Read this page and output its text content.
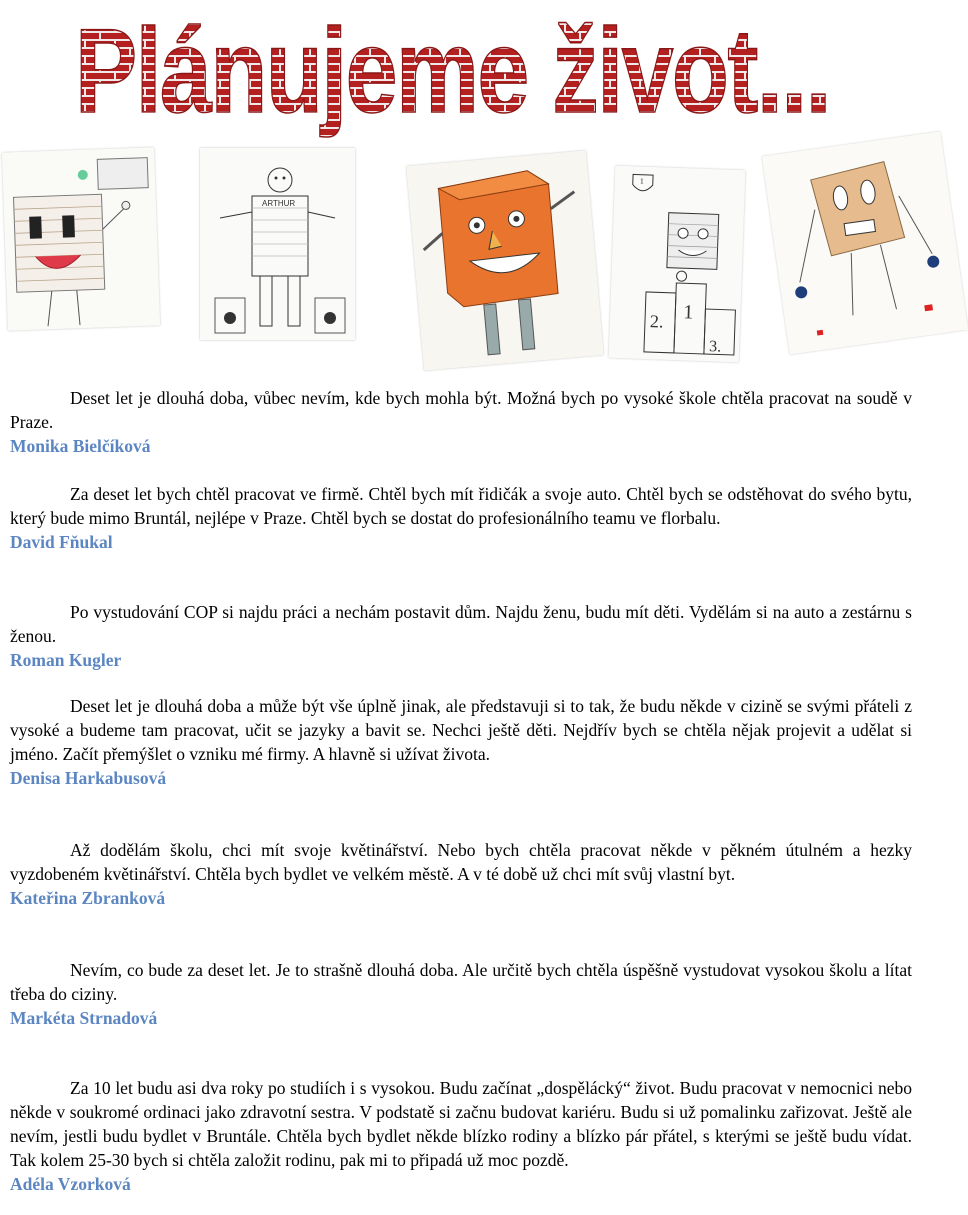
Plánujeme život...
ARTHUR
1
2. 1
3.

Deset let je dlouhá doba, vůbec nevím, kde bych mohla být. Možná bych po vysoké škole chtěla pracovat na soudě v Praze.

Monika Bielčíková

Za deset let bych chtěl pracovat ve firmě. Chtěl bych mít řidičák a svoje auto. Chtěl bych se odstěhovat do svého bytu, který bude mimo Bruntál, nejlépe v Praze. Chtěl bych se dostat do profesionálního teamu ve florbalu.

David Fňukal

Po vystudování COP si najdu práci a nechám postavit dům. Najdu ženu, budu mít děti. Vydělám si na auto a zestárnu s ženou.

Roman Kugler

Deset let je dlouhá doba a může být vše úplně jinak, ale představuji si to tak, že budu někde v cizině se svými přáteli z vysoké a budeme tam pracovat, učit se jazyky a bavit se. Nechci ještě děti. Nejdřív bych se chtěla nějak projevit a udělat si jméno. Začít přemýšlet o vzniku mé firmy. A hlavně si užívat života.

Denisa Harkabusová

Až dodělám školu, chci mít svoje květinářství. Nebo bych chtěla pracovat někde v pěkném útulném a hezky vyzdobeném květinářství. Chtěla bych bydlet ve velkém městě. A v té době už chci mít svůj vlastní byt.

Kateřina Zbranková

Nevím, co bude za deset let. Je to strašně dlouhá doba. Ale určitě bych chtěla úspěšně vystudovat vysokou školu a lítat třeba do ciziny.

Markéta Strnadová

Za 10 let budu asi dva roky po studiích i s vysokou. Budu začínat „dospělácký“ život. Budu pracovat v nemocnici nebo někde v soukromé ordinaci jako zdravotní sestra. V podstatě si začnu budovat kariéru. Budu si už pomalinku zařizovat. Ještě ale nevím, jestli budu bydlet v Bruntále. Chtěla bych bydlet někde blízko rodiny a blízko pár přátel, s kterými se ještě budu vídat. Tak kolem 25-30 bych si chtěla založit rodinu, pak mi to připadá už moc pozdě.

Adéla Vzorková
